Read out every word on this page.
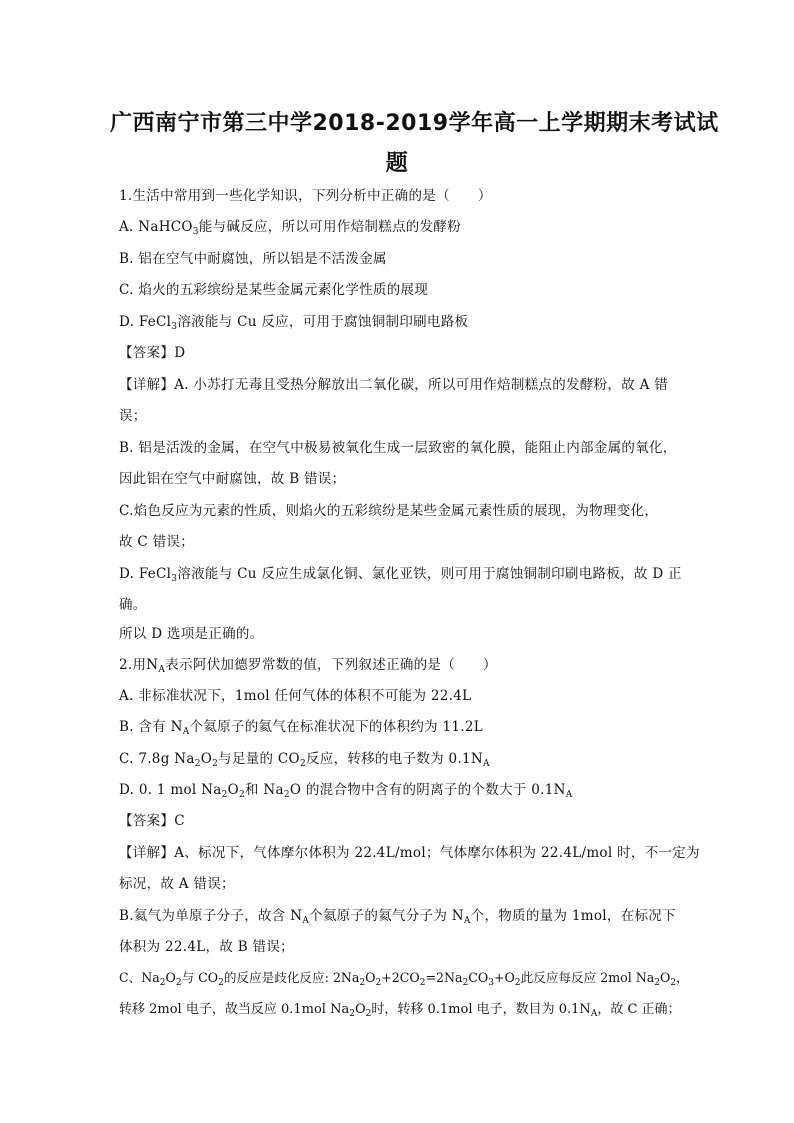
广西南宁市第三中学2018-2019学年高一上学期期末考试试
题
1.生活中常用到一些化学知识，下列分析中正确的是（ ）
A. NaHCO$_3$能与碱反应，所以可用作焙制糕点的发酵粉
B. 铝在空气中耐腐蚀，所以铝是不活泼金属
C. 焰火的五彩缤纷是某些金属元素化学性质的展现
D. FeCl$_3$溶液能与 Cu 反应，可用于腐蚀铜制印刷电路板
【答案】D
【详解】A. 小苏打无毒且受热分解放出二氧化碳，所以可用作焙制糕点的发酵粉，故 A 错
误；
B. 铝是活泼的金属，在空气中极易被氧化生成一层致密的氧化膜，能阻止内部金属的氧化，
因此铝在空气中耐腐蚀，故 B 错误；
C.焰色反应为元素的性质，则焰火的五彩缤纷是某些金属元素性质的展现，为物理变化，
故 C 错误；
D. FeCl$_3$溶液能与 Cu 反应生成氯化铜、氯化亚铁，则可用于腐蚀铜制印刷电路板，故 D 正
确。
所以 D 选项是正确的。
2.用$N_A$表示阿伏加德罗常数的值，下列叙述正确的是（ ）
A. 非标准状况下，1mol 任何气体的体积不可能为 22.4L
B. 含有 $N_A$个氦原子的氦气在标准状况下的体积约为 11.2L
C. 7.8g $Na_2O_2$与足量的 $CO_2$反应，转移的电子数为 $0.1N_A$
D. 0. 1 mol $Na_2O_2$和 $Na_2O$ 的混合物中含有的阴离子的个数大于 $0.1N_A$
【答案】C
【详解】A、标况下，气体摩尔体积为 22.4L/mol；气体摩尔体积为 22.4L/mol 时，不一定为
标况，故 A 错误；
B.氦气为单原子分子，故含 $N_A$个氦原子的氦气分子为 $N_A$个，物质的量为 1mol，在标况下
体积为 22.4L，故 B 错误；
C、$Na_2O_2$与 $CO_2$的反应是歧化反应: $2Na_2O_2+2CO_2=2Na_2CO_3+O_2$此反应每反应 2mol $Na_2O_2$，
转移 2mol 电子，故当反应 0.1mol $Na_2O_2$时，转移 0.1mol 电子，数目为 $0.1N_A$，故 C 正确；
